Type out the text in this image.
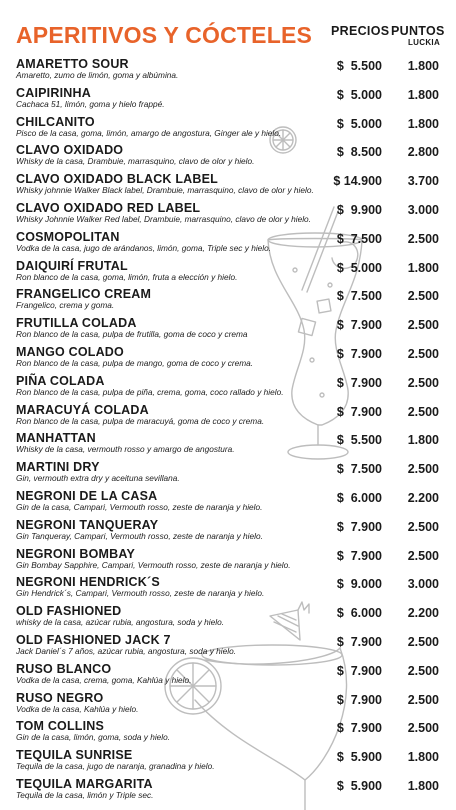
APERITIVOS Y CÓCTELES PRECIOS PUNTOS
LUCKIA
AMARETTO SOUR
Amaretto, zumo de limón, goma y albúmina.
$  5.500 1.800
CAIPIRINHA
Cachaca 51, limón, goma y hielo frappé.
$  5.000 1.800
CHILCANITO
Pisco de la casa, goma, limón, amargo de angostura, Ginger ale y hielo.
$  5.000 1.800
CLAVO OXIDADO
Whisky de la casa, Drambuie, marrasquino, clavo de olor y hielo.
$  8.500 2.800
CLAVO OXIDADO BLACK LABEL
Whisky johnnie Walker Black label, Drambuie, marrasquino, clavo de olor y hielo.
$ 14.900 3.700
CLAVO OXIDADO RED LABEL
Whisky Johnnie Walker Red label, Drambuie, marrasquino, clavo de olor y hielo.
$  9.900 3.000
COSMOPOLITAN
Vodka de la casa, jugo de arándanos, limón, goma, Triple sec y hielo.
$  7.500 2.500
DAIQUIRÍ FRUTAL
Ron blanco de la casa, goma, limón, fruta a elección y hielo.
$  5.000 1.800
FRANGELICO CREAM
Frangelico, crema y goma.
$  7.500 2.500
FRUTILLA COLADA
Ron blanco de la casa, pulpa de frutilla, goma de coco y crema
$  7.900 2.500
MANGO COLADO
Ron blanco de la casa, pulpa de mango, goma de coco y crema.
$  7.900 2.500
PIÑA COLADA
Ron blanco de la casa, pulpa de piña, crema, goma, coco rallado y hielo.
$  7.900 2.500
MARACUYÁ COLADA
Ron blanco de la casa, pulpa de maracuyá, goma de coco y crema.
$  7.900 2.500
MANHATTAN
Whisky de la casa, vermouth rosso y amargo de angostura.
$  5.500 1.800
MARTINI DRY
Gin, vermouth extra dry y aceituna sevillana.
$  7.500 2.500
NEGRONI DE LA CASA
Gin de la casa, Campari, Vermouth rosso, zeste de naranja y hielo.
$  6.000 2.200
NEGRONI TANQUERAY
Gin Tanqueray, Campari, Vermouth rosso, zeste de naranja y hielo.
$  7.900 2.500
NEGRONI BOMBAY
Gin Bombay Sapphire, Campari, Vermouth rosso, zeste de naranja y hielo.
$  7.900 2.500
NEGRONI HENDRICK´S
Gin Hendrick´s, Campari, Vermouth rosso, zeste de naranja y hielo.
$  9.000 3.000
OLD FASHIONED
whisky de la casa, azúcar rubia, angostura, soda y hielo.
$  6.000 2.200
OLD FASHIONED JACK 7
Jack Daniel´s 7 años, azúcar rubia, angostura, soda y hielo.
$  7.900 2.500
RUSO BLANCO
Vodka de la casa, crema, goma, Kahlúa y hielo.
$  7.900 2.500
RUSO NEGRO
Vodka de la casa, Kahlúa y hielo.
$  7.900 2.500
TOM COLLINS
Gin de la casa, limón, goma, soda y hielo.
$  7.900 2.500
TEQUILA SUNRISE
Tequila de la casa, jugo de naranja, granadina y hielo.
$  5.900 1.800
TEQUILA MARGARITA
Tequila de la casa, limón y Triple sec.
$  5.900 1.800
